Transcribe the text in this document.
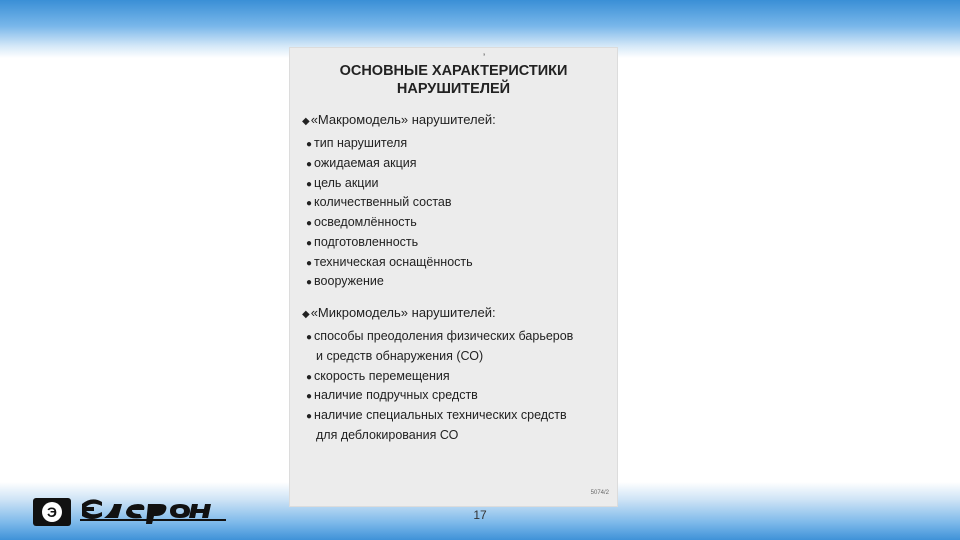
ʼ
ОСНОВНЫЕ ХАРАКТЕРИСТИКИ
НАРУШИТЕЛЕЙ
◆«Макромодель» нарушителей:
● тип нарушителя
● ожидаемая акция
● цель акции
● количественный состав
● осведомлённость
● подготовленность
● техническая оснащённость
● вооружение
◆«Микромодель» нарушителей:
● способы преодоления физических барьеров
и средств обнаружения (СО)
● скорость перемещения
● наличие подручных средств
● наличие специальных технических средств
для деблокирования СО
5074/2
17
Э
